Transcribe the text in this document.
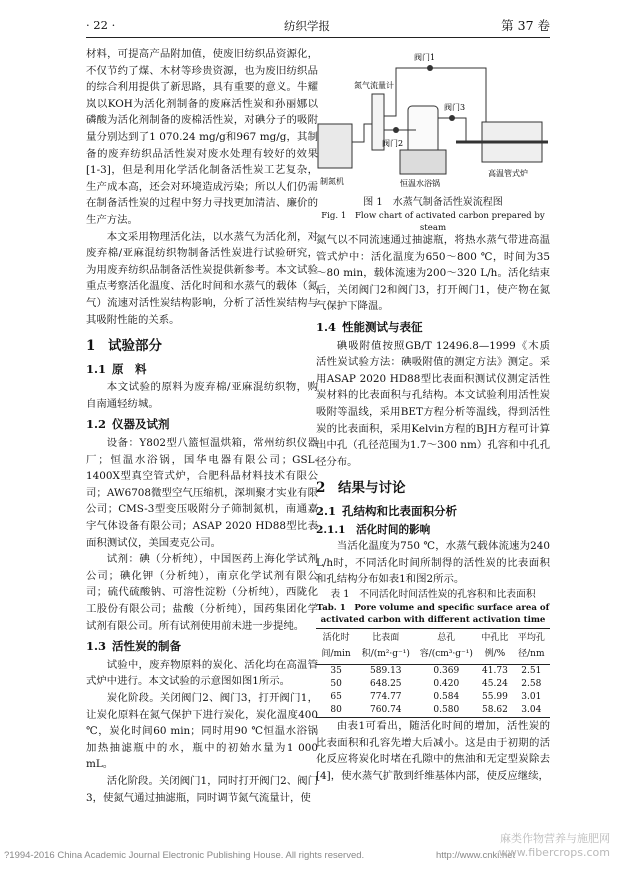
· 22 ·	纺织学报	第 37 卷

材料，可提高产品附加值，使废旧纺织品资源化，不仅节约了煤、木材等珍贵资源，也为废旧纺织品的综合利用提供了新思路，具有重要的意义。牛耀岚以KOH为活化剂制备的废麻活性炭和孙丽娜以磷酸为活化剂制备的废棉活性炭，对碘分子的吸附量分别达到了1 070.24 mg/g和967 mg/g，其制备的废弃纺织品活性炭对废水处理有较好的效果[1-3]，但是利用化学活化制备活性炭工艺复杂，生产成本高，还会对环境造成污染；所以人们仍需在制备活性炭的过程中努力寻找更加清洁、廉价的生产方法。

本文采用物理活化法，以水蒸气为活化剂，对废弃棉/亚麻混纺织物制备活性炭进行试验研究，为用废弃纺织品制备活性炭提供新参考。本文试验重点考察活化温度、活化时间和水蒸气的载体（氮气）流速对活性炭结构影响，分析了活性炭结构与其吸附性能的关系。

1 试验部分
1.1 原　料

本文试验的原料为废弃棉/亚麻混纺织物，购自南通轻纺城。

1.2 仪器及试剂

设备：Y802型八篮恒温烘箱，常州纺织仪器厂；恒温水浴锅，国华电器有限公司；GSL-1400X型真空管式炉，合肥科晶材料技术有限公司；AW6708微型空气压缩机，深圳聚才实业有限公司；CMS-3型变压吸附分子筛制氮机，南通嘉宇气体设备有限公司；ASAP 2020 HD88型比表面积测试仪，美国麦克公司。

试剂：碘（分析纯），中国医药上海化学试剂公司；碘化钾（分析纯），南京化学试剂有限公司；硫代硫酸钠、可溶性淀粉（分析纯），西陇化工股份有限公司；盐酸（分析纯），国药集团化学试剂有限公司。所有试剂使用前未进一步提纯。

1.3 活性炭的制备

试验中，废弃物原料的炭化、活化均在高温管式炉中进行。本文试验的示意图如图1所示。

炭化阶段。关闭阀门2、阀门3，打开阀门1，让炭化原料在氮气保护下进行炭化，炭化温度400 ℃，炭化时间60 min；同时用90 ℃恒温水浴锅加热抽滤瓶中的水，瓶中的初始水量为1 000 mL。

活化阶段。关闭阀门1，同时打开阀门2、阀门3，使氮气通过抽滤瓶，同时调节氮气流量计，使

阀门1
氮气流量计
阀门2
阀门3
制氮机	恒温水浴锅
高温管式炉
图 1　水蒸气制备活性炭流程图
Fig. 1　Flow chart of activated carbon prepared by steam

氮气以不同流速通过抽滤瓶，将热水蒸气带进高温管式炉中：活化温度为650～800 ℃，时间为35～80 min，载体流速为200～320 L/h。活化结束后，关闭阀门2和阀门3，打开阀门1，使产物在氮气保护下降温。

1.4 性能测试与表征

碘吸附值按照GB/T 12496.8—1999《木质活性炭试验方法：碘吸附值的测定方法》测定。采用ASAP 2020 HD88型比表面积测试仪测定活性炭材料的比表面积与孔结构。本文试验利用活性炭吸附等温线，采用BET方程分析等温线，得到活性炭的比表面积，采用Kelvin方程的BJH方程可计算出中孔（孔径范围为1.7～300 nm）孔容和中孔孔径分布。

2 结果与讨论
2.1 孔结构和比表面积分析
2.1.1　 活化时间的影响

当活化温度为750 ℃，水蒸气载体流速为240 L/h时，不同活化时间所制得的活性炭的比表面积和孔结构分布如表1和图2所示。

表 1　不同活化时间活性炭的孔容积和比表面积
Tab. 1　Pore volume and specific surface area of activated carbon with different activation time
活化时间/min	比表面积/(m²·g⁻¹)	总孔容/(cm³·g⁻¹)	中孔比例/%	平均孔径/nm
35	589.13	0.369	41.73	2.51
50	648.25	0.420	45.24	2.58
65	774.77	0.584	55.99	3.01
80	760.74	0.580	58.62	3.04

由表1可看出，随活化时间的增加，活性炭的比表面积和孔容先增大后减小。这是由于初期的活化反应将炭化时堵在孔隙中的焦油和无定型炭除去[4]，使水蒸气扩散到纤维基体内部，使反应继续，

?1994-2016 China Academic Journal Electronic Publishing House. All rights reserved.	http://www.cnki.net
麻类作物营养与施肥网
www.fibercrops.com
